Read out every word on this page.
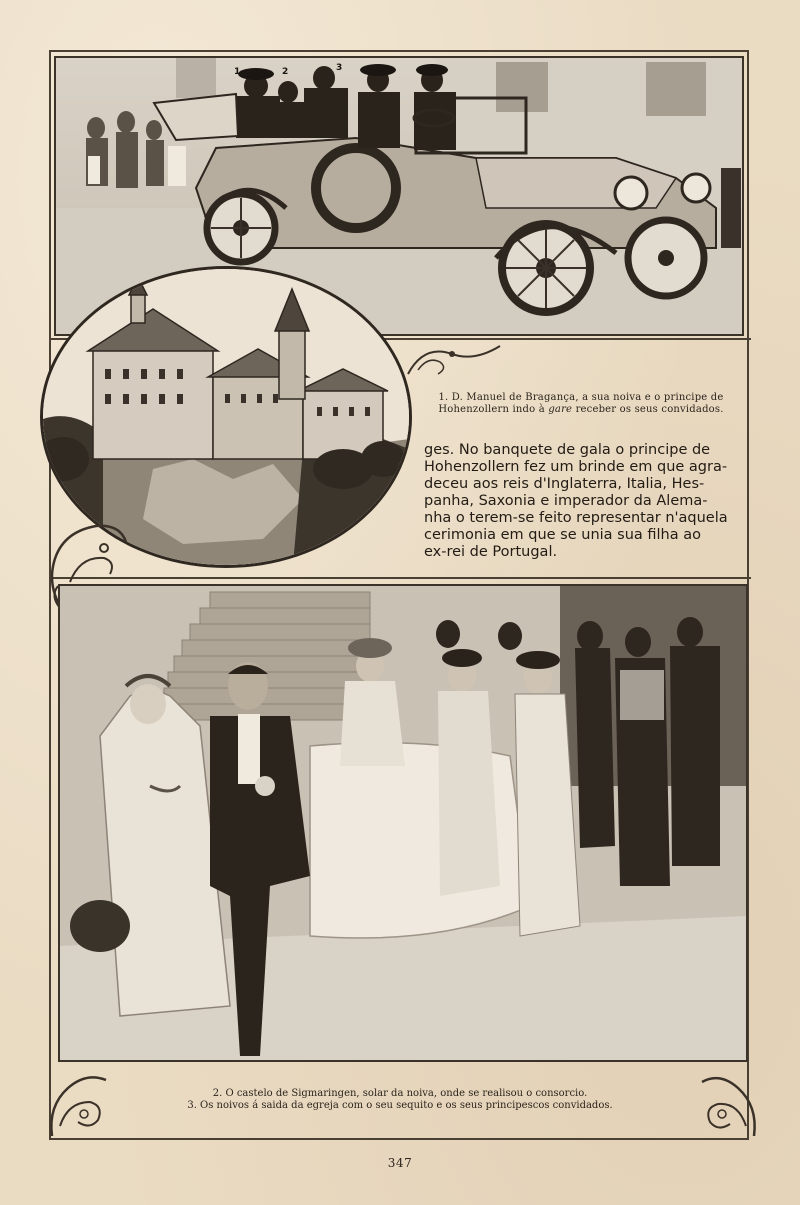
1	2	3
1. D. Manuel de Bragança, a sua noiva e o principe de Hohenzollern indo à gare receber os seus convidados.

ges. No banquete de gala o principe de

Hohenzollern fez um brinde em que agra-

deceu aos reis d'Inglaterra, Italia, Hes-

panha, Saxonia e imperador da Alema-

nha o terem-se feito representar n'aquela

cerimonia em que se unia sua filha ao

ex-rei de Portugal.

2. O castelo de Sigmaringen, solar da noiva, onde se realisou o consorcio.
3. Os noivos á saida da egreja com o seu sequito e os seus principescos convidados.
347
